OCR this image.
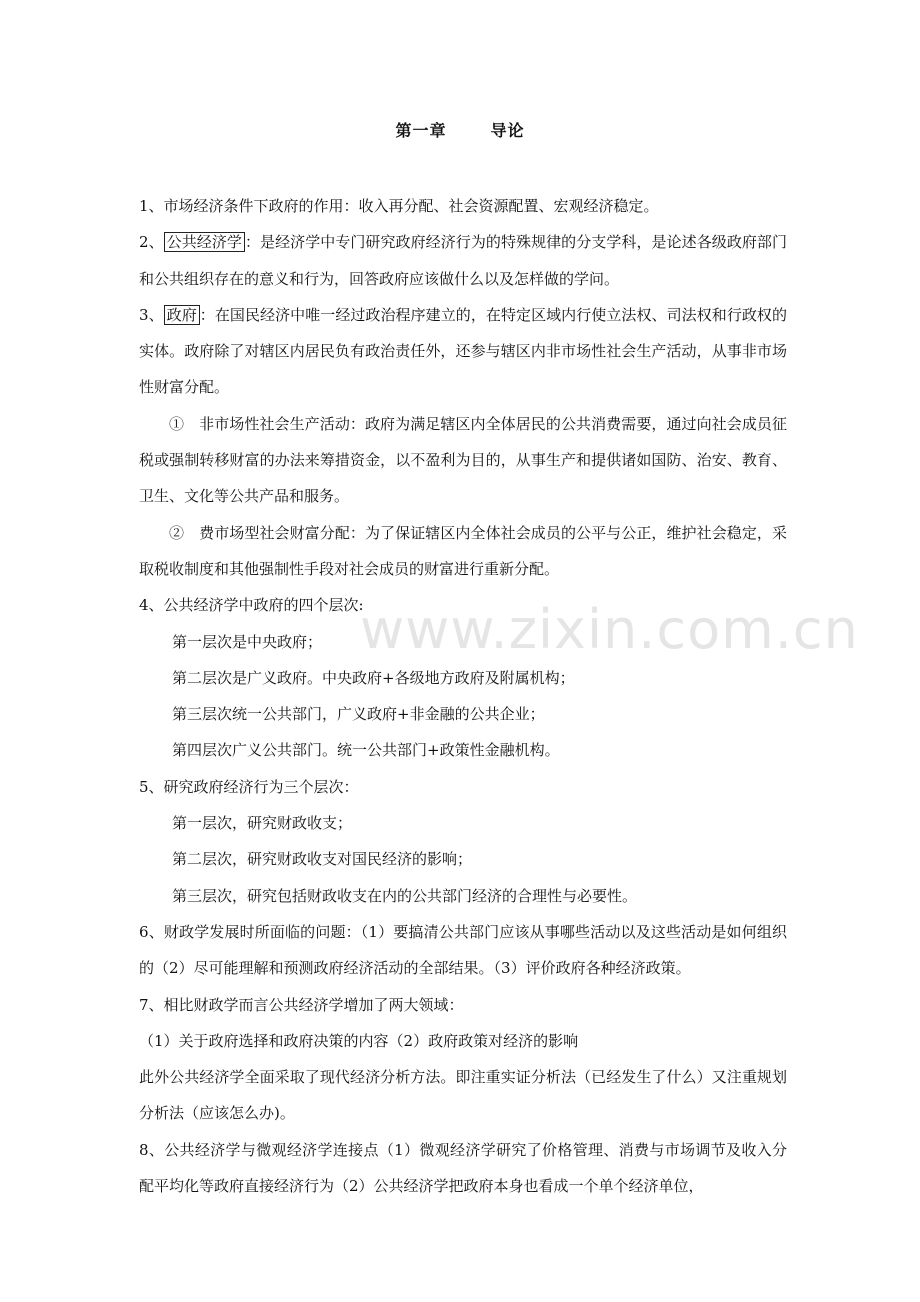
第一章	导论
www.zixin.com.cn

1、市场经济条件下政府的作用：收入再分配、社会资源配置、宏观经济稳定。

2、 公共经济学 ：是经济学中专门研究政府经济行为的特殊规律的分支学科，是论述各级政府部门和公共组织存在的意义和行为，回答政府应该做什么以及怎样做的学问。

3、 政府 ：在国民经济中唯一经过政治程序建立的，在特定区域内行使立法权、司法权和行政权的实体。政府除了对辖区内居民负有政治责任外，还参与辖区内非市场性社会生产活动，从事非市场性财富分配。

①　非市场性社会生产活动：政府为满足辖区内全体居民的公共消费需要，通过向社会成员征税或强制转移财富的办法来筹措资金，以不盈利为目的，从事生产和提供诸如国防、治安、教育、卫生、文化等公共产品和服务。

②　费市场型社会财富分配：为了保证辖区内全体社会成员的公平与公正，维护社会稳定，采取税收制度和其他强制性手段对社会成员的财富进行重新分配。

4、公共经济学中政府的四个层次:

第一层次是中央政府；

第二层次是广义政府。中央政府+各级地方政府及附属机构；

第三层次统一公共部门，广义政府+非金融的公共企业；

第四层次广义公共部门。统一公共部门+政策性金融机构。

5、研究政府经济行为三个层次：

第一层次，研究财政收支；

第二层次，研究财政收支对国民经济的影响；

第三层次，研究包括财政收支在内的公共部门经济的合理性与必要性。

6、财政学发展时所面临的问题：（1）要搞清公共部门应该从事哪些活动以及这些活动是如何组织的（2）尽可能理解和预测政府经济活动的全部结果。（3）评价政府各种经济政策。

7、相比财政学而言公共经济学增加了两大领域：

（1）关于政府选择和政府决策的内容（2）政府政策对经济的影响

此外公共经济学全面采取了现代经济分析方法。即注重实证分析法（已经发生了什么）又注重规划分析法（应该怎么办)。

8、公共经济学与微观经济学连接点（1）微观经济学研究了价格管理、消费与市场调节及收入分配平均化等政府直接经济行为（2）公共经济学把政府本身也看成一个单个经济单位，
